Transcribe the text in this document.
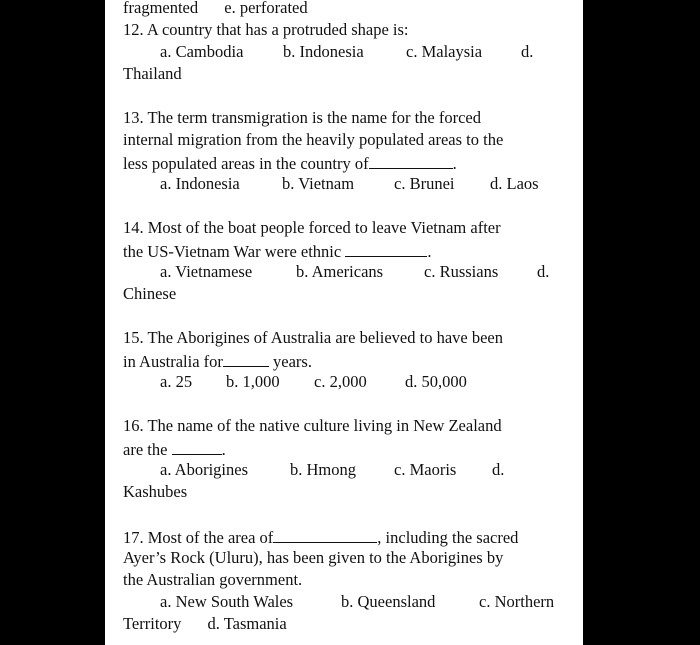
fragmented e. perforated
12. A country that has a protruded shape is:
a. Cambodia b. Indonesia	c. Malaysia d.
Thailand
13. The term transmigration is the name for the forced
internal migration from the heavily populated areas to the
less populated areas in the country of	.
a. Indonesia	b. Vietnam c. Brunei d. Laos
14. Most of the boat people forced to leave Vietnam after
the US-Vietnam War were ethnic	.
a. Vietnamese	b. Americans c. Russians d.
Chinese
15. The Aborigines of Australia are believed to have been
in Australia for	years.
a. 25 b. 1,000 c. 2,000 d. 50,000
16. The name of the native culture living in New Zealand
are the	.
a. Aborigines	b. Hmong c. Maoris d.
Kashubes
17. Most of the area of	, including the sacred
Ayer’s Rock (Uluru), has been given to the Aborigines by
the Australian government.
a. New South Wales	b. Queensland	c. Northern
Territory d. Tasmania
